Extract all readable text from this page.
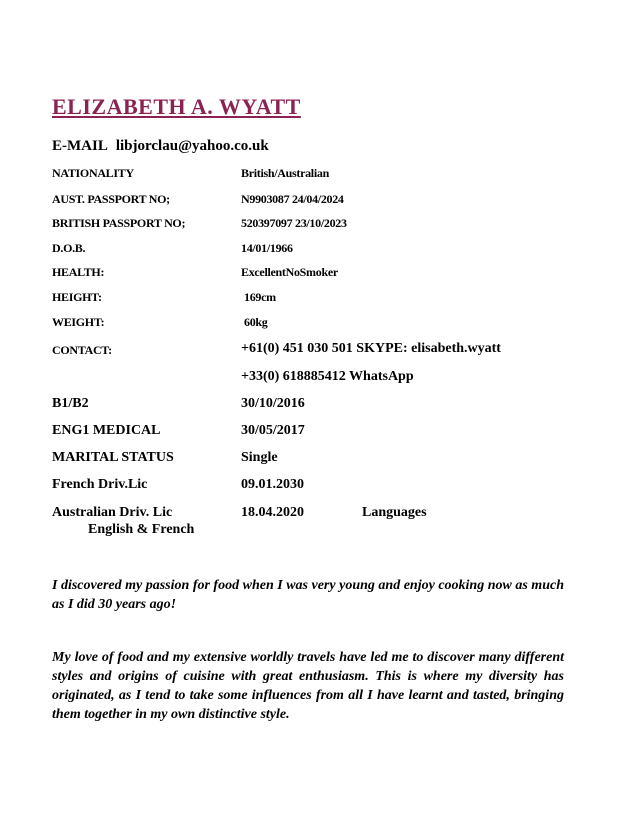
ELIZABETH A. WYATT
E-MAIL libjorclau@yahoo.co.uk
NATIONALITY	British/Australian
AUST. PASSPORT NO;	N9903087 24/04/2024
BRITISH PASSPORT NO;	520397097 23/10/2023
D.O.B.	14/01/1966
HEALTH:	ExcellentNoSmoker
HEIGHT:	169cm
WEIGHT:	60kg
CONTACT:	+61(0) 451 030 501 SKYPE: elisabeth.wyatt
+33(0) 618885412 WhatsApp
B1/B2	30/10/2016
ENG1 MEDICAL	30/05/2017
MARITAL STATUS	Single
French Driv.Lic	09.01.2030
Australian Driv. Lic	18.04.2020	Languages
English & French
I discovered my passion for food when I was very young and enjoy cooking now as much as I did 30 years ago!
My love of food and my extensive worldly travels have led me to discover many different styles and origins of cuisine with great enthusiasm. This is where my diversity has originated, as I tend to take some influences from all I have learnt and tasted, bringing them together in my own distinctive style.
